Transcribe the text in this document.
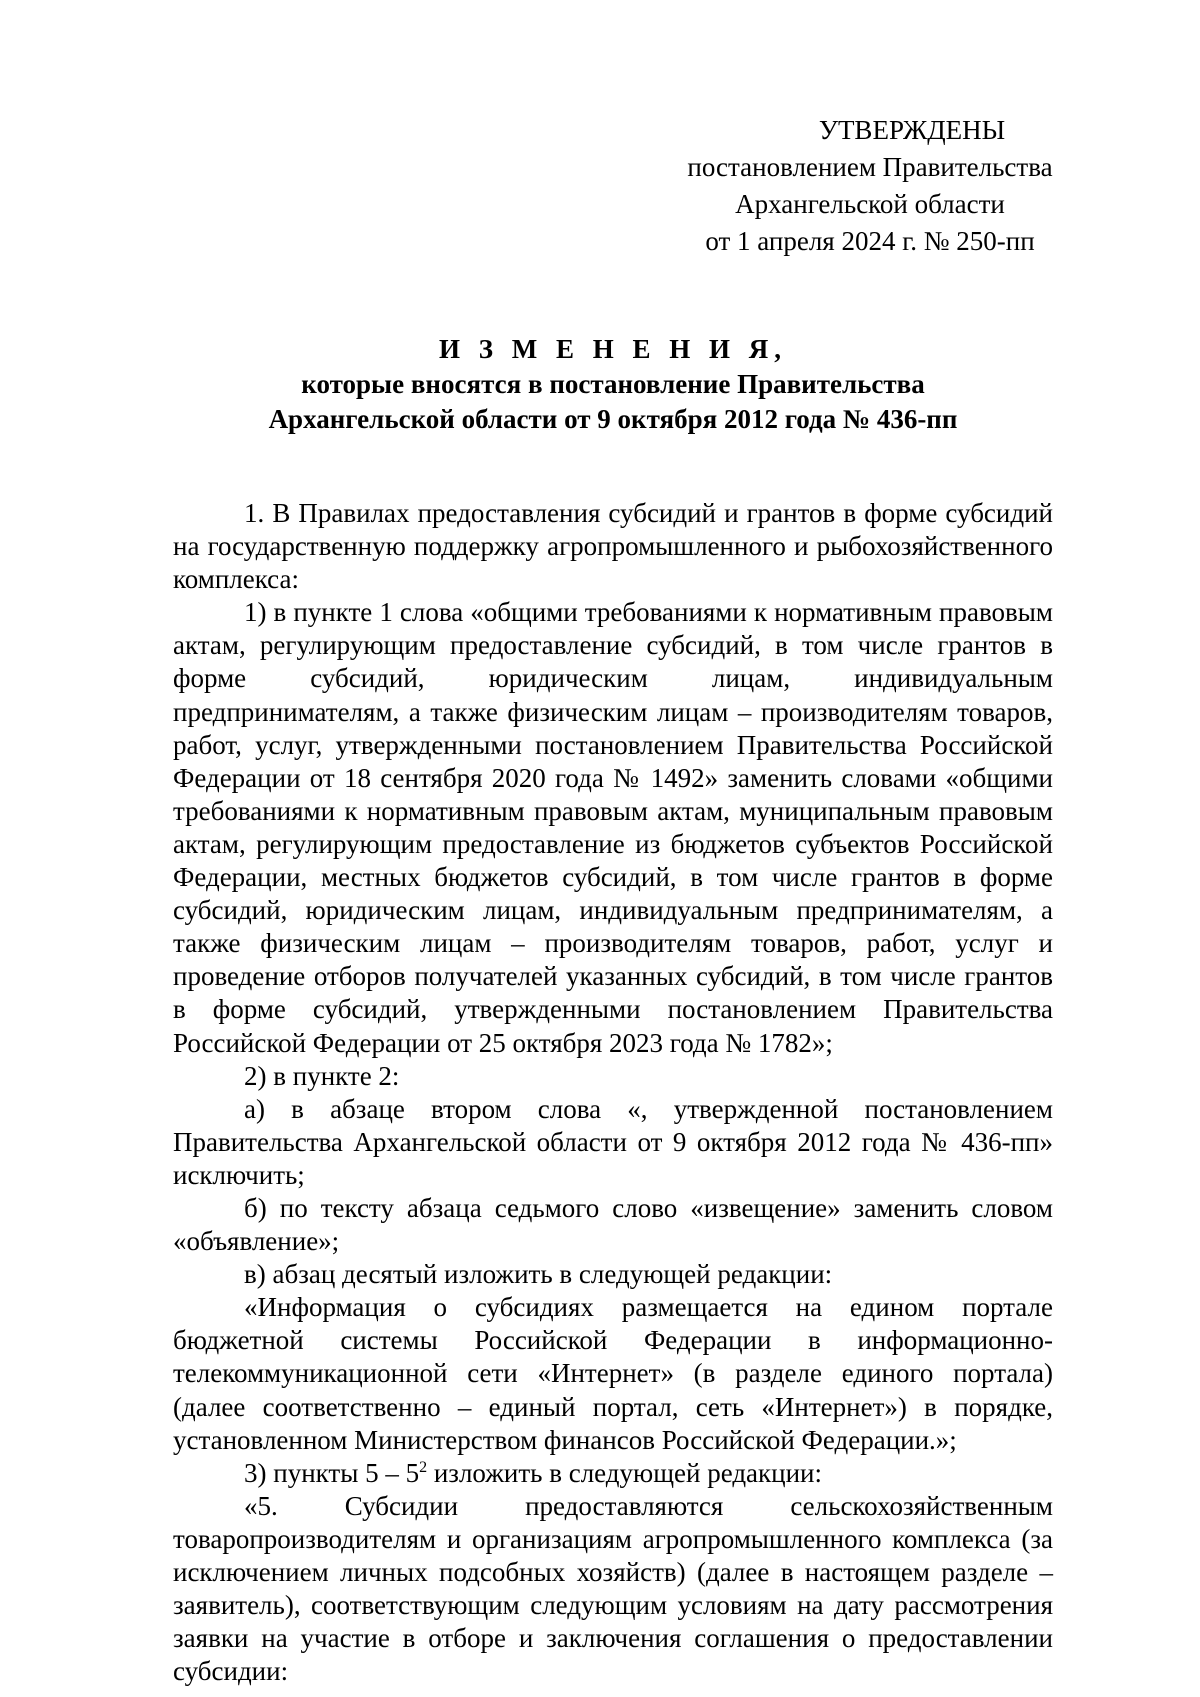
УТВЕРЖДЕНЫ
постановлением Правительства
Архангельской области
от 1 апреля 2024 г. № 250-пп
И З М Е Н Е Н И Я,
которые вносятся в постановление Правительства
Архангельской области от 9 октября 2012 года № 436-пп

1. В Правилах предоставления субсидий и грантов в форме субсидий на государственную поддержку агропромышленного и рыбохозяйственного комплекса:

1) в пункте 1 слова «общими требованиями к нормативным правовым актам, регулирующим предоставление субсидий, в том числе грантов в форме субсидий, юридическим лицам, индивидуальным предпринимателям, а также физическим лицам – производителям товаров, работ, услуг, утвержденными постановлением Правительства Российской Федерации от 18 сентября 2020 года № 1492» заменить словами «общими требованиями к нормативным правовым актам, муниципальным правовым актам, регулирующим предоставление из бюджетов субъектов Российской Федерации, местных бюджетов субсидий, в том числе грантов в форме субсидий, юридическим лицам, индивидуальным предпринимателям, а также физическим лицам – производителям товаров, работ, услуг и проведение отборов получателей указанных субсидий, в том числе грантов в форме субсидий, утвержденными постановлением Правительства Российской Федерации от 25 октября 2023 года № 1782»;

2) в пункте 2:

а) в абзаце втором слова «, утвержденной постановлением Правительства Архангельской области от 9 октября 2012 года № 436-пп» исключить;

б) по тексту абзаца седьмого слово «извещение» заменить словом «объявление»;

в) абзац десятый изложить в следующей редакции:

«Информация о субсидиях размещается на едином портале бюджетной системы Российской Федерации в информационно-телекоммуникационной сети «Интернет» (в разделе единого портала) (далее соответственно – единый портал, сеть «Интернет») в порядке, установленном Министерством финансов Российской Федерации.»;

3) пункты $5 - 5^2$ изложить в следующей редакции:

«5. Субсидии предоставляются сельскохозяйственным товаропроизводителям и организациям агропромышленного комплекса (за исключением личных подсобных хозяйств) (далее в настоящем разделе – заявитель), соответствующим следующим условиям на дату рассмотрения заявки на участие в отборе и заключения соглашения о предоставлении субсидии:
